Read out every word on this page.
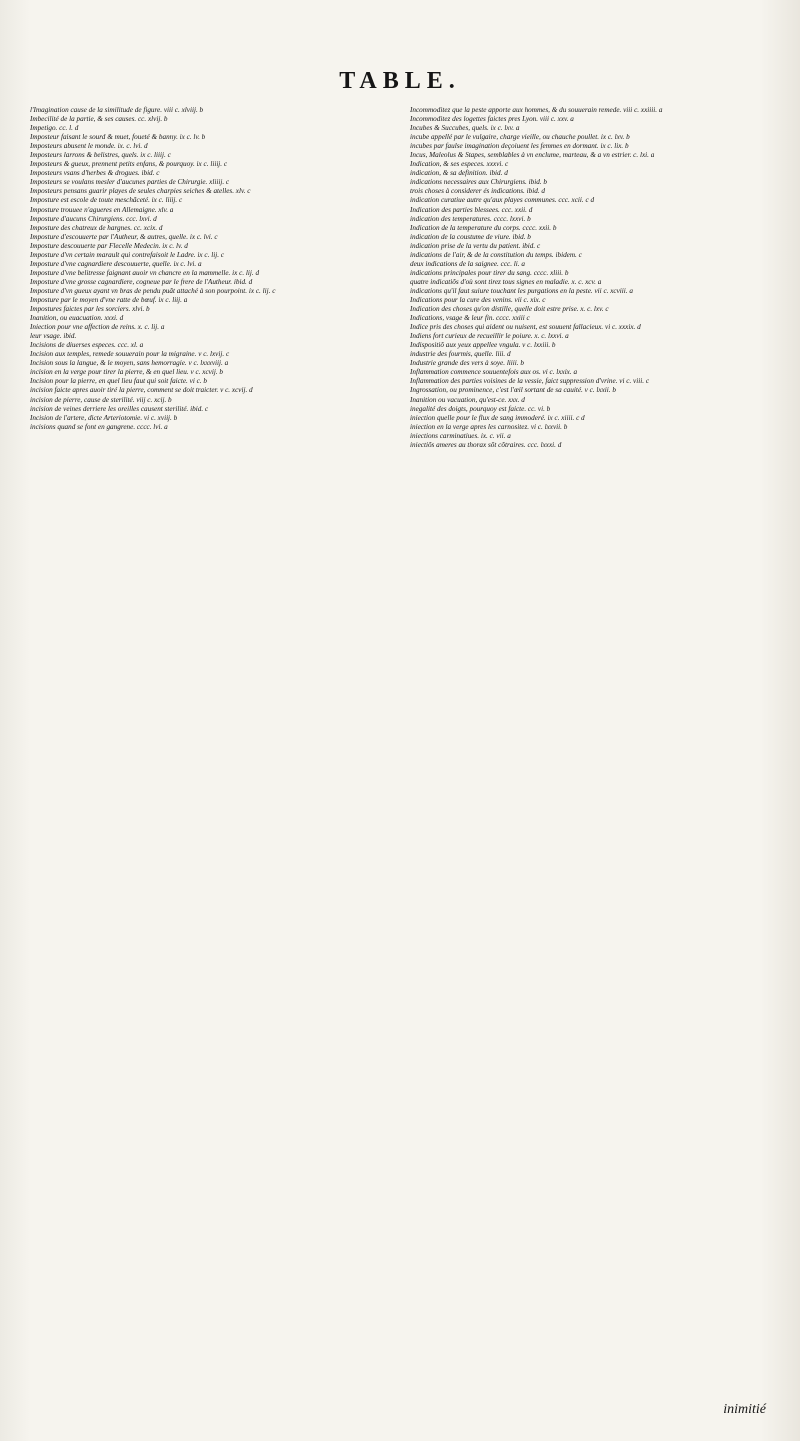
TABLE.
l'Imagination cause de la similitude de figure. viii c. xlviij. b
Imbecilité de la partie, & ses causes. cc. xlvij. b
Impetigo. cc. l. d
Imposteur faisant le sourd & muet, foueté & banny. ix c. lv. b
Imposteurs abusent le monde. ix. c. lvi. d
Imposteurs larrons & belistres, quels. ix c. liiij. c
Imposteurs & gueux, prennent petits enfans, & pourquoy. ix c. liiij. c
Imposteurs vsans d'herbes & drogues. ibid. c
Imposteurs se voulans mesler d'aucunes parties de Chirurgie. xliiij. c
Imposteurs pensans guarir playes de seules charpies seiches & atelles. xlv. c
Imposture est escole de toute meschãceté. ix c. liiij. c
Imposture trouuee n'agueres en Allemaigne. xlv. a
Imposture d'aucuns Chirurgiens. ccc. lxvi. d
Imposture des chatreux de hargnes. cc. xcix. d
Imposture d'escouuerte par l'Autheur, & autres, quelle. ix c. lvi. c
Imposture descouuerte par Flecelle Medecin. ix c. lv. d
Imposture d'vn certain marault qui contrefaisoit le Ladre. ix c. lij. c
Imposture d'vne cagnardiere descouuerte, quelle. ix c. lvi. a
Imposture d'vne belitresse faignant auoir vn chancre en la mammelle. ix c. lij. d
Imposture d'vne grosse cagnardiere, cogneue par le frere de l'Autheur. ibid. d
Imposture d'vn gueux ayant vn bras de pendu puãt attaché à son pourpoint. ix c. lij. c
Imposture par le moyen d'vne ratte de bœuf. ix c. liij. a
Impostures faictes par les sorciers. xlvi. b
Inanition, ou euacuation. xxxi. d
Iniection pour vne affection de reins. x. c. lij. a
leur vsage. ibid.
Incisions de diuerses especes. ccc. xl. a
Incision aux temples, remede souuerain pour la migraine. v c. lxvij. c
Incision sous la langue, & le moyen, sans hemorragie. v c. lxxxviij. a
incision en la verge pour tirer la pierre, & en quel lieu. v c. xcvij. b
Incision pour la pierre, en quel lieu faut qui soit faicte. vi c. b
incision faicte apres auoir tiré la pierre, comment se doit traicter. v c. xcvij. d
incision de pierre, cause de sterilité. viij c. xcij. b
incision de veines derriere les oreilles causent sterilité. ibid. c
Incision de l'artere, dicte Arteriotomie. vi c. xviij. b
incisions quand se font en gangrene. cccc. lvi. a
Incommoditez que la peste apporte aux hommes, & du souuerain remede. viii c. xxiiii. a
Incommoditez des logettes faictes pres Lyon. viii c. xxv. a
Incubes & Succubes, quels. ix c. lxv. a
incube appellé par le vulgaire, charge vieille, ou chauche poullet. ix c. lxv. b
incubes par faulse imagination deçoiuent les femmes en dormant. ix c. lix. b
Incus, Maleolus & Stapes, semblables à vn enclume, marteau, & a vn estrier. c. lxi. a
Indication, & ses especes. xxxvi. c
indication, & sa definition. ibid. d
indications necessaires aux Chirurgiens. ibid. b
trois choses à considerer és indications. ibid. d
indication curatiue autre qu'aux playes communes. ccc. xcii. c d
Indication des parties blessees. ccc. xxii. d
indication des temperatures. cccc. lxxvi. b
Indication de la temperature du corps. cccc. xxii. b
indication de la coustume de viure. ibid. b
indication prise de la vertu du patient. ibid. c
indications de l'air, & de la constitution du temps. ibidem. c
deux indications de la saignee. ccc. li. a
indications principales pour tirer du sang. cccc. xliii. b
quatre indicatiõs d'où sont tirez tous signes en maladie. x. c. xcv. a
indications qu'il faut suiure touchant les purgations en la peste. vii c. xcviii. a
Indications pour la cure des venins. vii c. xix. c
Indication des choses qu'on distille, quelle doit estre prise. x. c. lxv. c
Indications, vsage & leur fin. cccc. xxiii c
Indice pris des choses qui aident ou nuisent, est souuent fallacieux. vi c. xxxix. d
Indiens fort curieux de recueillir le poiure. x. c. lxxvi. a
Indispositiõ aux yeux appellee vngula. v c. lxxiii. b
industrie des fourmis, quelle. liii. d
Industrie grande des vers à soye. liiii. b
Inflammation commence souuentefois aux os. vi c. lxxix. a
Inflammation des parties voisines de la vessie, faict suppression d'vrine. vi c. viii. c
Ingrossation, ou prominence, c'est l'œil sortant de sa cauité. v c. lxxii. b
Inanition ou vacuation, qu'est-ce. xxx. d
inegalité des doigts, pourquoy est faicte. cc. vi. b
iniection quelle pour le flux de sang immoderé. ix c. xiiii. c d
iniection en la verge apres les carnositez. vi c. lxxvii. b
iniections carminatiues. ix. c. vii. a
iniectiõs ameres au thorax sõt cõtraires. ccc. lxxxi. d
inimitié
